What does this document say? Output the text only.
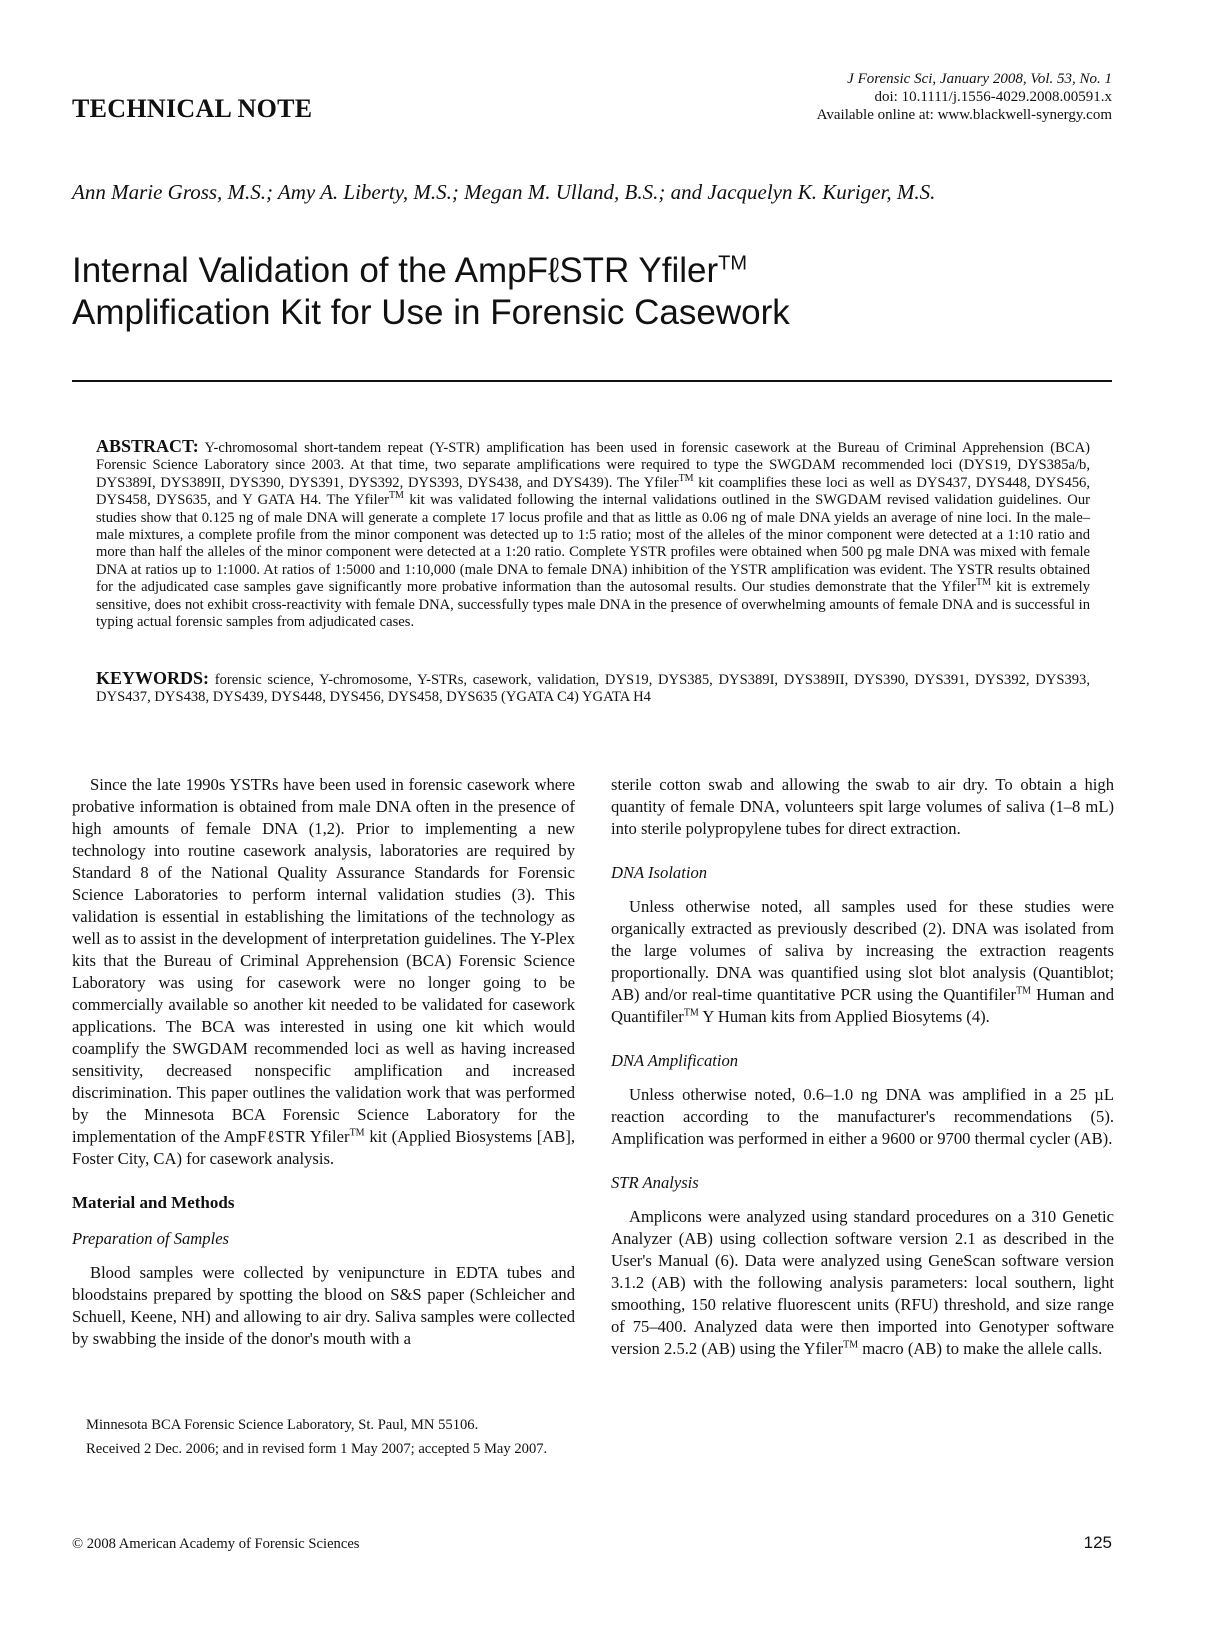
TECHNICAL NOTE
J Forensic Sci, January 2008, Vol. 53, No. 1
doi: 10.1111/j.1556-4029.2008.00591.x
Available online at: www.blackwell-synergy.com
Ann Marie Gross, M.S.; Amy A. Liberty, M.S.; Megan M. Ulland, B.S.; and Jacquelyn K. Kuriger, M.S.
Internal Validation of the AmpFℓSTR Yfiler™
Amplification Kit for Use in Forensic Casework
ABSTRACT: Y-chromosomal short-tandem repeat (Y-STR) amplification has been used in forensic casework at the Bureau of Criminal Apprehension (BCA) Forensic Science Laboratory since 2003. At that time, two separate amplifications were required to type the SWGDAM recommended loci (DYS19, DYS385a/b, DYS389I, DYS389II, DYS390, DYS391, DYS392, DYS393, DYS438, and DYS439). The Yfiler™ kit coamplifies these loci as well as DYS437, DYS448, DYS456, DYS458, DYS635, and Y GATA H4. The Yfiler™ kit was validated following the internal validations outlined in the SWGDAM revised validation guidelines. Our studies show that 0.125 ng of male DNA will generate a complete 17 locus profile and that as little as 0.06 ng of male DNA yields an average of nine loci. In the male–male mixtures, a complete profile from the minor component was detected up to 1:5 ratio; most of the alleles of the minor component were detected at a 1:10 ratio and more than half the alleles of the minor component were detected at a 1:20 ratio. Complete YSTR profiles were obtained when 500 pg male DNA was mixed with female DNA at ratios up to 1:1000. At ratios of 1:5000 and 1:10,000 (male DNA to female DNA) inhibition of the YSTR amplification was evident. The YSTR results obtained for the adjudicated case samples gave significantly more probative information than the autosomal results. Our studies demonstrate that the Yfiler™ kit is extremely sensitive, does not exhibit cross-reactivity with female DNA, successfully types male DNA in the presence of overwhelming amounts of female DNA and is successful in typing actual forensic samples from adjudicated cases.
KEYWORDS: forensic science, Y-chromosome, Y-STRs, casework, validation, DYS19, DYS385, DYS389I, DYS389II, DYS390, DYS391, DYS392, DYS393, DYS437, DYS438, DYS439, DYS448, DYS456, DYS458, DYS635 (YGATA C4) YGATA H4

Since the late 1990s YSTRs have been used in forensic casework where probative information is obtained from male DNA often in the presence of high amounts of female DNA (1,2). Prior to implementing a new technology into routine casework analysis, laboratories are required by Standard 8 of the National Quality Assurance Standards for Forensic Science Laboratories to perform internal validation studies (3). This validation is essential in establishing the limitations of the technology as well as to assist in the development of interpretation guidelines. The Y-Plex kits that the Bureau of Criminal Apprehension (BCA) Forensic Science Laboratory was using for casework were no longer going to be commercially available so another kit needed to be validated for casework applications. The BCA was interested in using one kit which would coamplify the SWGDAM recommended loci as well as having increased sensitivity, decreased nonspecific amplification and increased discrimination. This paper outlines the validation work that was performed by the Minnesota BCA Forensic Science Laboratory for the implementation of the AmpFℓSTR Yfiler™ kit (Applied Biosystems [AB], Foster City, CA) for casework analysis.

Material and Methods
Preparation of Samples

Blood samples were collected by venipuncture in EDTA tubes and bloodstains prepared by spotting the blood on S&S paper (Schleicher and Schuell, Keene, NH) and allowing to air dry. Saliva samples were collected by swabbing the inside of the donor's mouth with a

Minnesota BCA Forensic Science Laboratory, St. Paul, MN 55106.

Received 2 Dec. 2006; and in revised form 1 May 2007; accepted 5 May 2007.

sterile cotton swab and allowing the swab to air dry. To obtain a high quantity of female DNA, volunteers spit large volumes of saliva (1–8 mL) into sterile polypropylene tubes for direct extraction.

DNA Isolation

Unless otherwise noted, all samples used for these studies were organically extracted as previously described (2). DNA was isolated from the large volumes of saliva by increasing the extraction reagents proportionally. DNA was quantified using slot blot analysis (Quantiblot; AB) and/or real-time quantitative PCR using the Quantifiler™ Human and Quantifiler™ Y Human kits from Applied Biosytems (4).

DNA Amplification

Unless otherwise noted, 0.6–1.0 ng DNA was amplified in a 25 µL reaction according to the manufacturer's recommendations (5). Amplification was performed in either a 9600 or 9700 thermal cycler (AB).

STR Analysis

Amplicons were analyzed using standard procedures on a 310 Genetic Analyzer (AB) using collection software version 2.1 as described in the User's Manual (6). Data were analyzed using GeneScan software version 3.1.2 (AB) with the following analysis parameters: local southern, light smoothing, 150 relative fluorescent units (RFU) threshold, and size range of 75–400. Analyzed data were then imported into Genotyper software version 2.5.2 (AB) using the Yfiler™ macro (AB) to make the allele calls.

© 2008 American Academy of Forensic Sciences	125
